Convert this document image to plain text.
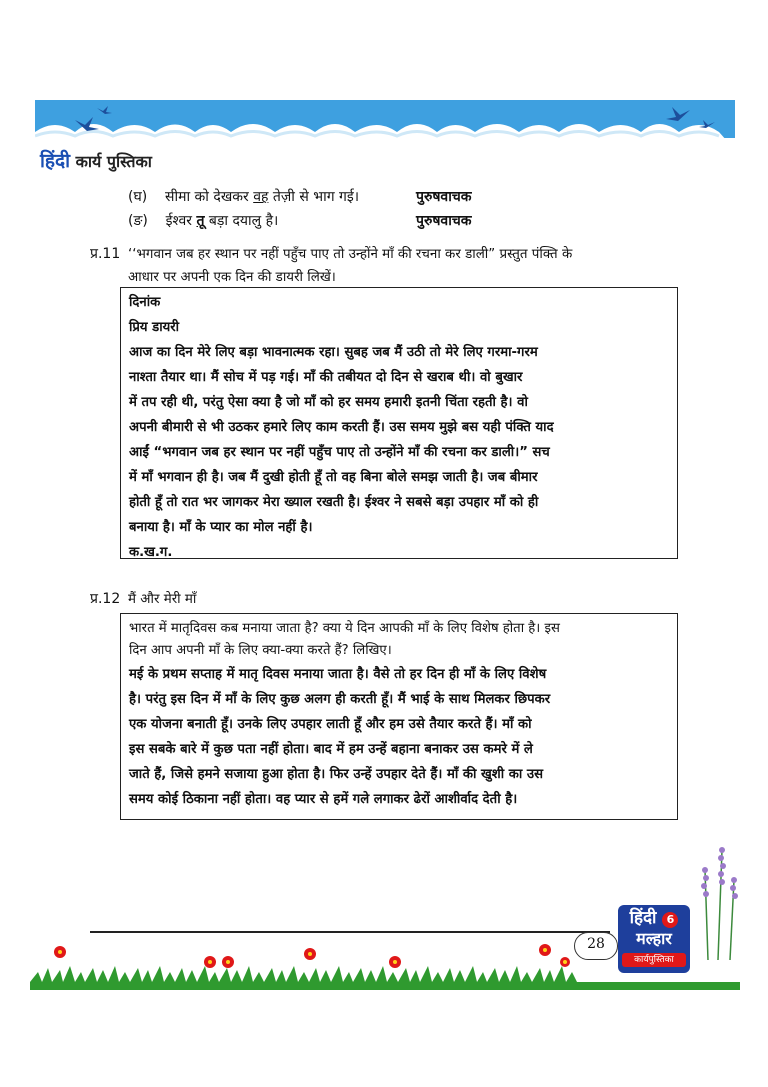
हिंदी कार्य पुस्तिका
(घ) सीमा को देखकर वह तेज़ी से भाग गई।	पुरुषवाचक
(ङ) ईश्वर तू बड़ा दयालु है।	पुरुषवाचक
प्र.11 ‘‘भगवान जब हर स्थान पर नहीं पहुँच पाए तो उन्होंने माँ की रचना कर डाली” प्रस्तुत पंक्ति के
आधार पर अपनी एक दिन की डायरी लिखें।
दिनांक
प्रिय डायरी
आज का दिन मेरे लिए बड़ा भावनात्मक रहा। सुबह जब मैं उठी तो मेरे लिए गरमा-गरम
नाश्ता तैयार था। मैं सोच में पड़ गई। माँ की तबीयत दो दिन से खराब थी। वो बुखार
में तप रही थी, परंतु ऐसा क्या है जो माँ को हर समय हमारी इतनी चिंता रहती है। वो
अपनी बीमारी से भी उठकर हमारे लिए काम करती हैं। उस समय मुझे बस यही पंक्ति याद
आईं “भगवान जब हर स्थान पर नहीं पहुँच पाए तो उन्होंने माँ की रचना कर डाली।” सच
में माँ भगवान ही है। जब मैं दुखी होती हूँ तो वह बिना बोले समझ जाती है। जब बीमार
होती हूँ तो रात भर जागकर मेरा ख्याल रखती है। ईश्वर ने सबसे बड़ा उपहार माँ को ही
बनाया है। माँ के प्यार का मोल नहीं है।
क.ख.ग.
प्र.12 मैं और मेरी माँ
भारत में मातृदिवस कब मनाया जाता है? क्या ये दिन आपकी माँ के लिए विशेष होता है। इस
दिन आप अपनी माँ के लिए क्या-क्या करते हैं? लिखिए।
मई के प्रथम सप्ताह में मातृ दिवस मनाया जाता है। वैसे तो हर दिन ही माँ के लिए विशेष
है। परंतु इस दिन में माँ के लिए कुछ अलग ही करती हूँ। मैं भाई के साथ मिलकर छिपकर
एक योजना बनाती हूँ। उनके लिए उपहार लाती हूँ और हम उसे तैयार करते हैं। माँ को
इस सबके बारे में कुछ पता नहीं होता। बाद में हम उन्हें बहाना बनाकर उस कमरे में ले
जाते हैं, जिसे हमने सजाया हुआ होता है। फिर उन्हें उपहार देते हैं। माँ की खुशी का उस
समय कोई ठिकाना नहीं होता। वह प्यार से हमें गले लगाकर ढेरों आशीर्वाद देती है।
28
हिंदी 6
मल्हार
कार्यपुस्तिका
